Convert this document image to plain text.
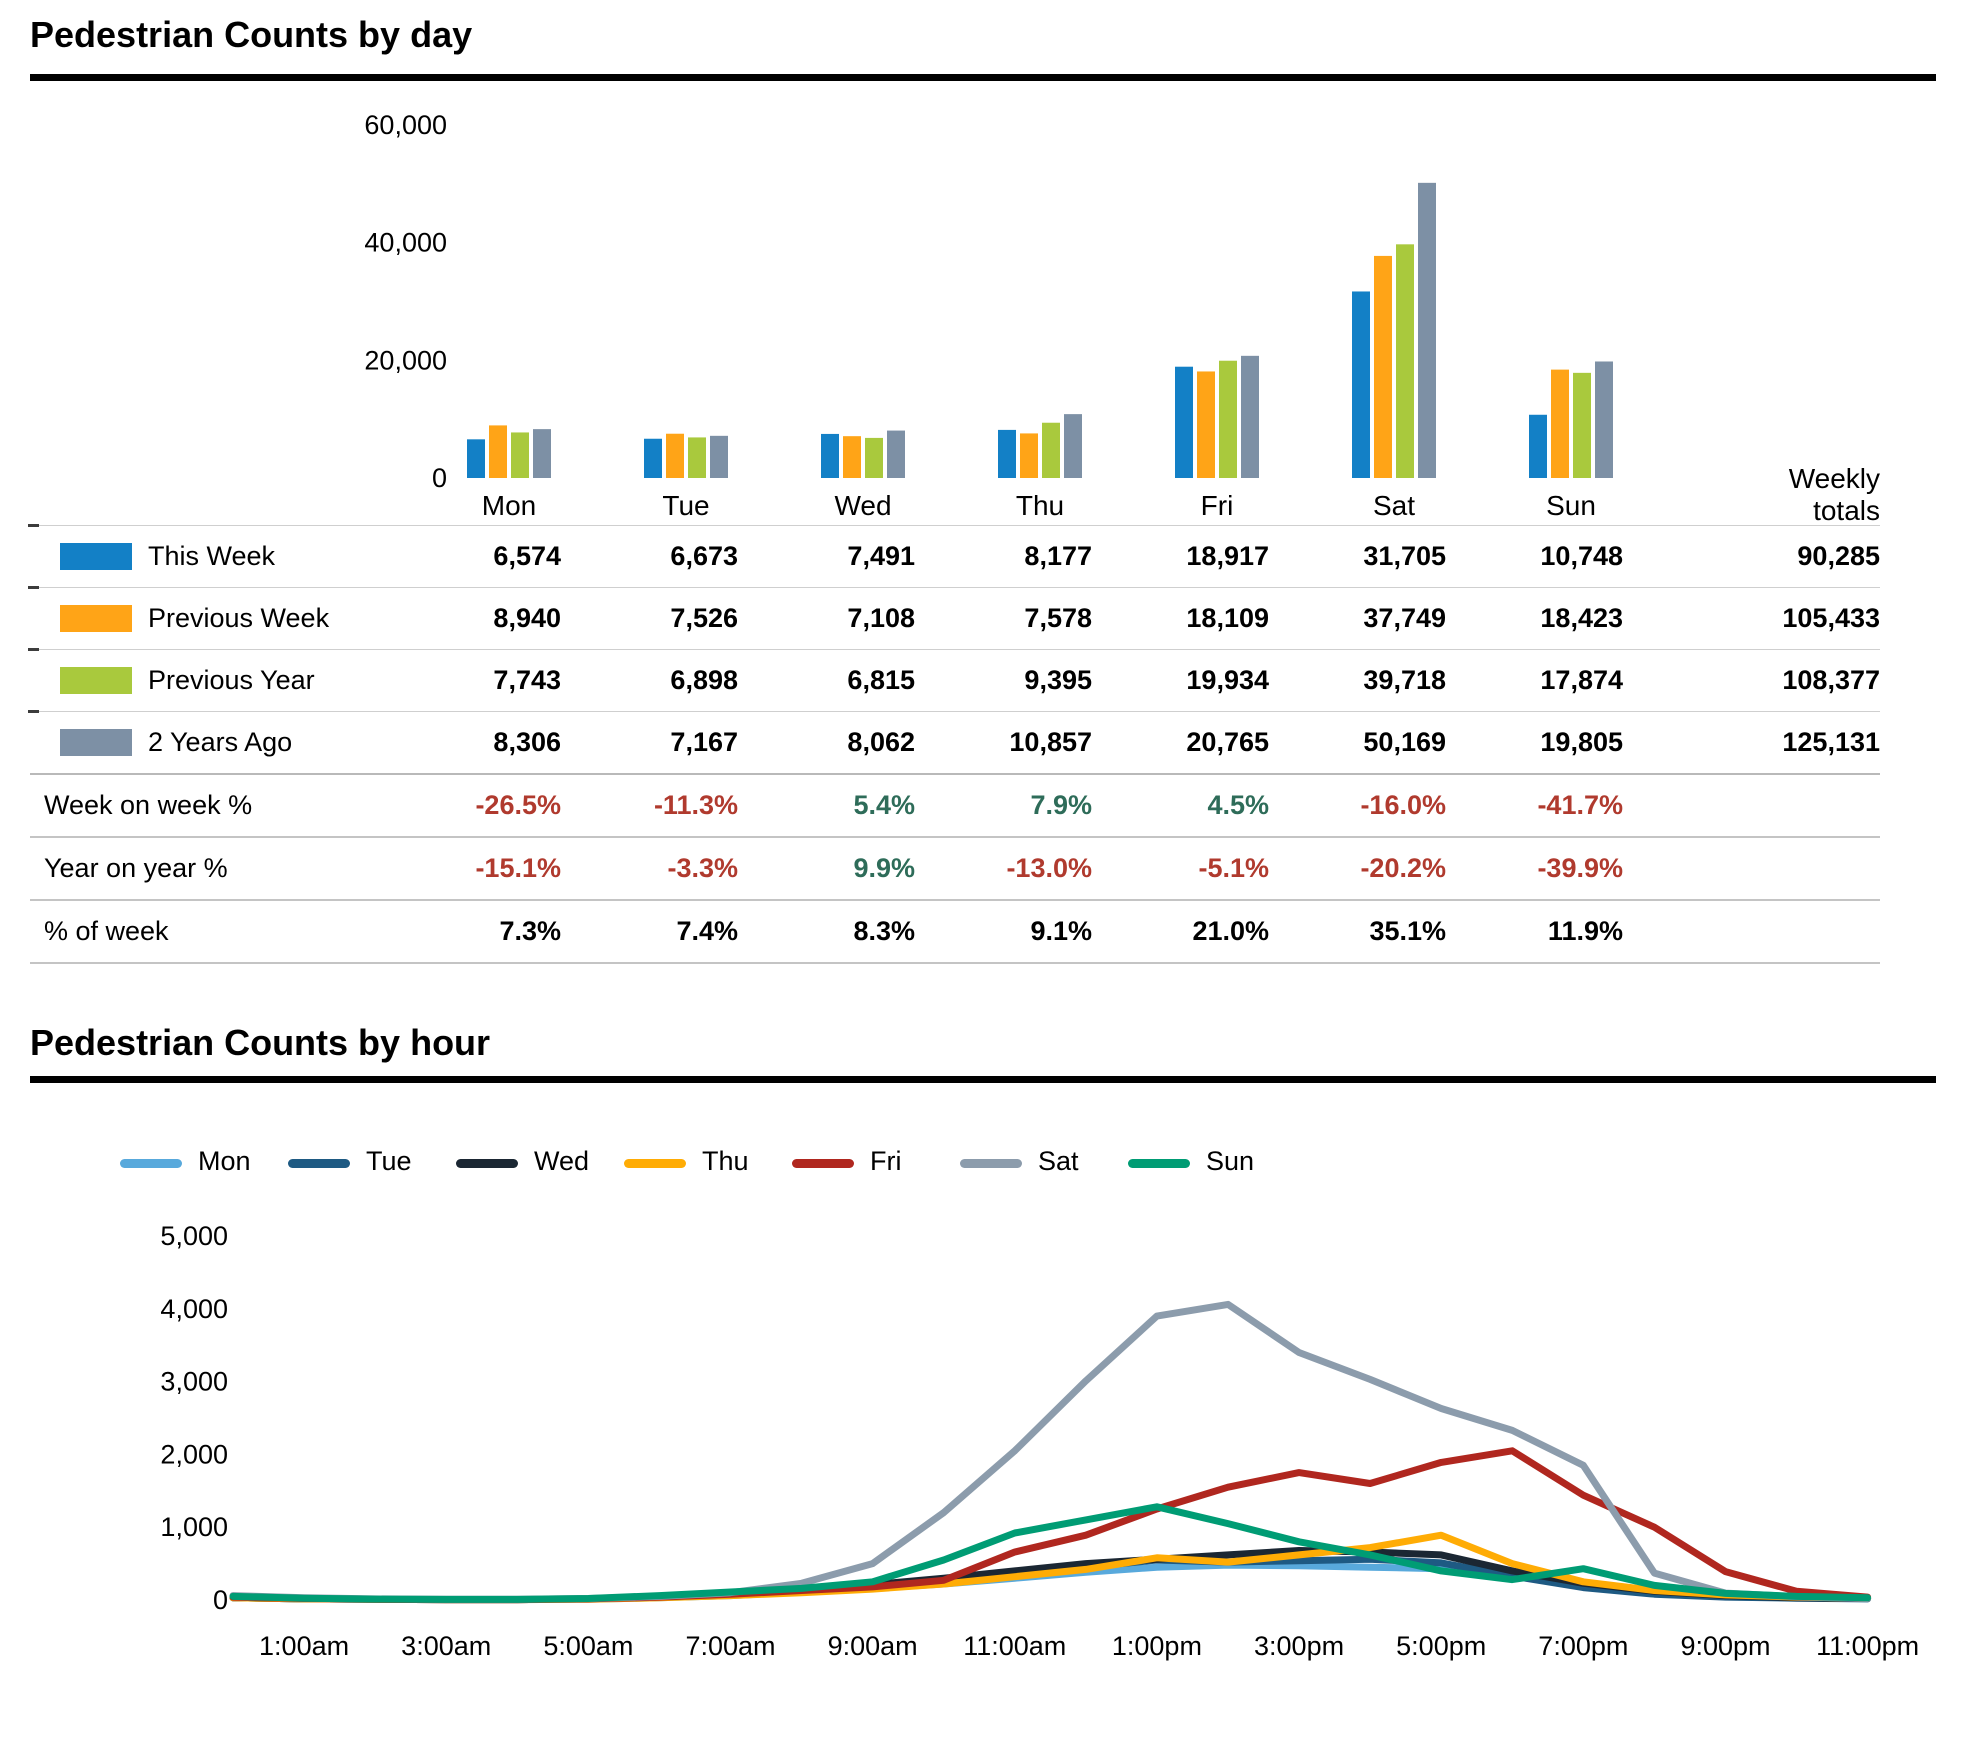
Pedestrian Counts by day
0
20,000
40,000
60,000
Mon	Tue	Wed	Thu	Fri	Sat	Sun
Weekly
totals
This Week	6,574	6,673	7,491	8,177	18,917	31,705	10,748	90,285
Previous Week	8,940	7,526	7,108	7,578	18,109	37,749	18,423	105,433
Previous Year	7,743	6,898	6,815	9,395	19,934	39,718	17,874	108,377
2 Years Ago	8,306	7,167	8,062	10,857	20,765	50,169	19,805	125,131
Week on week %	-26.5%	-11.3%	5.4%	7.9%	4.5%	-16.0%	-41.7%
Year on year %	-15.1%	-3.3%	9.9%	-13.0%	-5.1%	-20.2%	-39.9%
% of week	7.3%	7.4%	8.3%	9.1%	21.0%	35.1%	11.9%
Pedestrian Counts by hour
Mon	Tue	Wed	Thu	Fri	Sat	Sun
0
1,000
2,000
3,000
4,000
5,000
1:00am 3:00am 5:00am 7:00am 9:00am 11:00am 1:00pm 3:00pm 5:00pm 7:00pm 9:00pm 11:00pm
